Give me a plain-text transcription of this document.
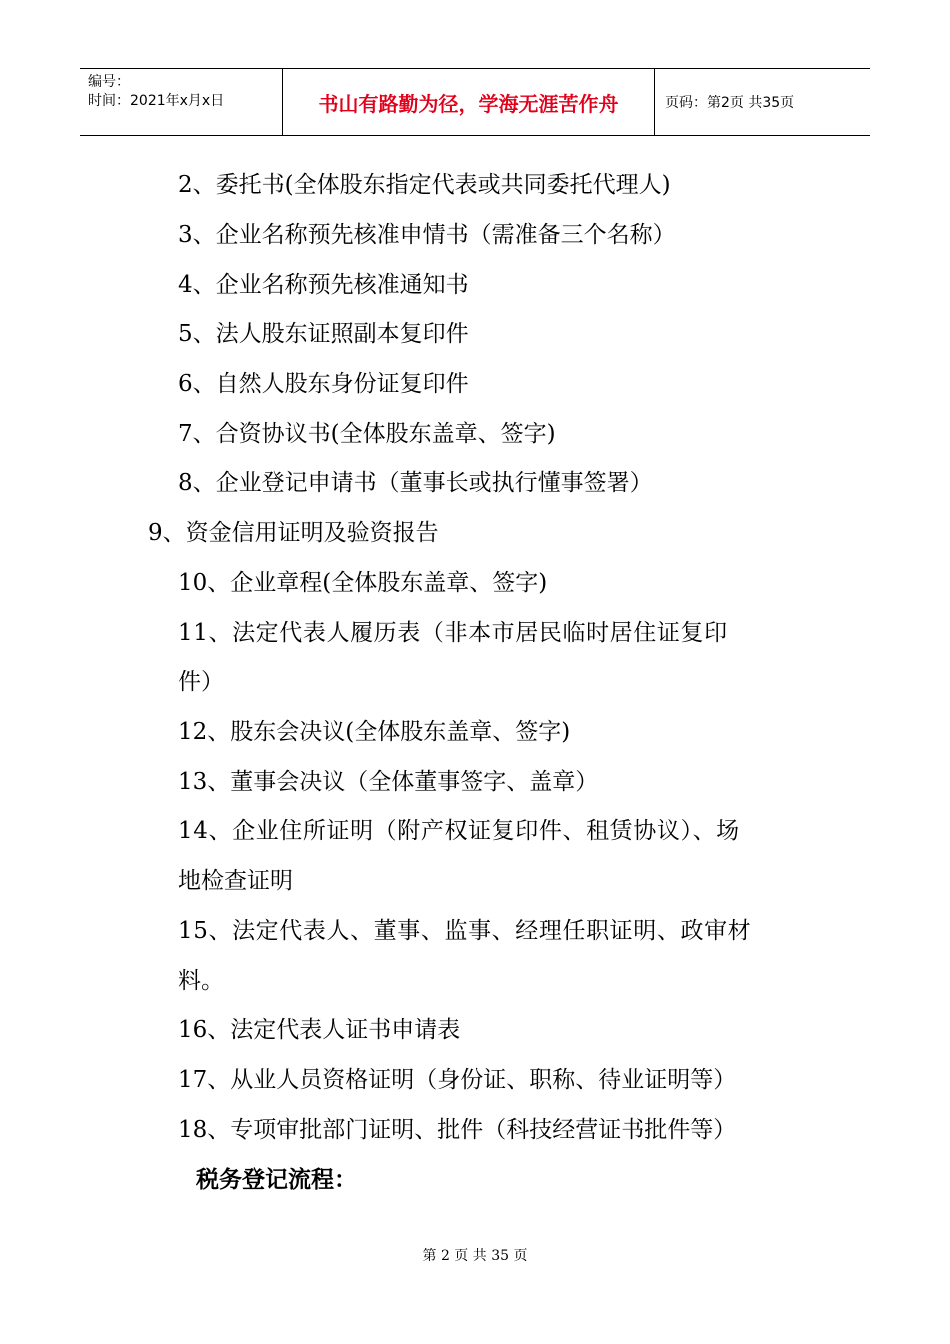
编号：
时间：2021年x月x日	书山有路勤为径，学海无涯苦作舟	页码：第2页 共35页
2、委托书(全体股东指定代表或共同委托代理人)
3、企业名称预先核准申情书（需准备三个名称）
4、企业名称预先核准通知书
5、法人股东证照副本复印件
6、自然人股东身份证复印件
7、合资协议书(全体股东盖章、签字)
8、企业登记申请书（董事长或执行懂事签署）
9、资金信用证明及验资报告
10、企业章程(全体股东盖章、签字)
11、法定代表人履历表（非本市居民临时居住证复印
件）
12、股东会决议(全体股东盖章、签字)
13、董事会决议（全体董事签字、盖章）
14、企业住所证明（附产权证复印件、租赁协议）、场
地检查证明
15、法定代表人、董事、监事、经理任职证明、政审材
料。
16、法定代表人证书申请表
17、从业人员资格证明（身份证、职称、待业证明等）
18、专项审批部门证明、批件（科技经营证书批件等）
税务登记流程：
第 2 页 共 35 页
